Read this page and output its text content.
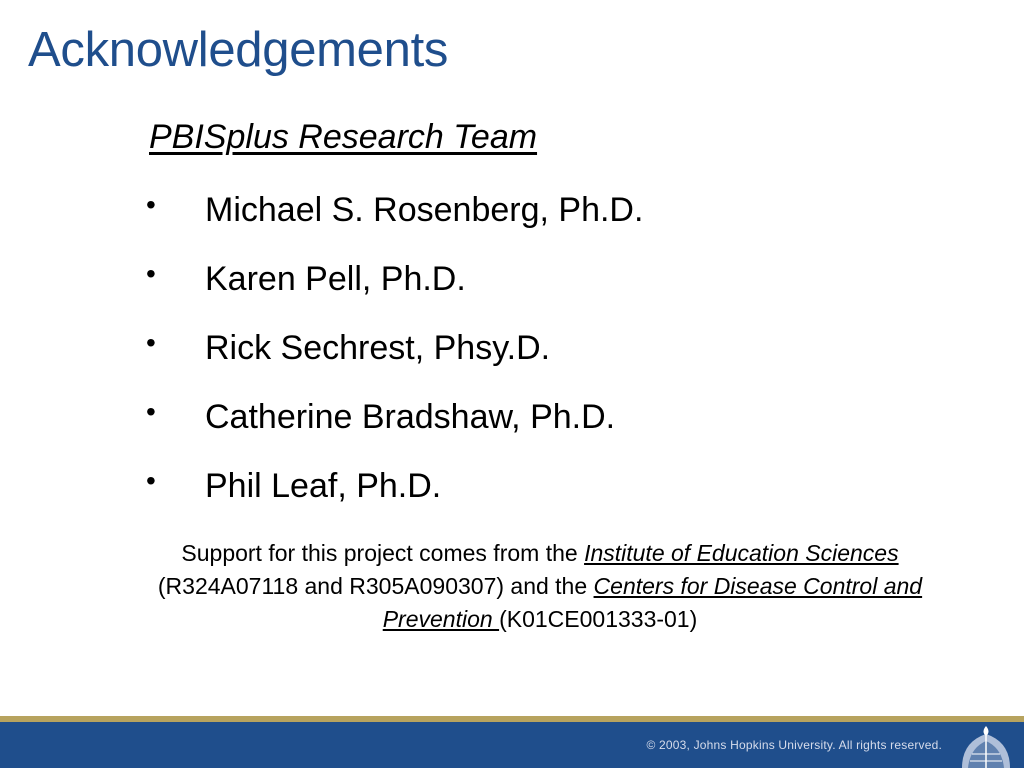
Acknowledgements
PBISplus Research Team
• Michael S. Rosenberg, Ph.D.
• Karen Pell, Ph.D.
• Rick Sechrest, Phsy.D.
• Catherine Bradshaw, Ph.D.
• Phil Leaf, Ph.D.

Support for this project comes from the Institute of Education Sciences (R324A07118 and R305A090307) and the Centers for Disease Control and Prevention (K01CE001333-01)

© 2003, Johns Hopkins University. All rights reserved.
